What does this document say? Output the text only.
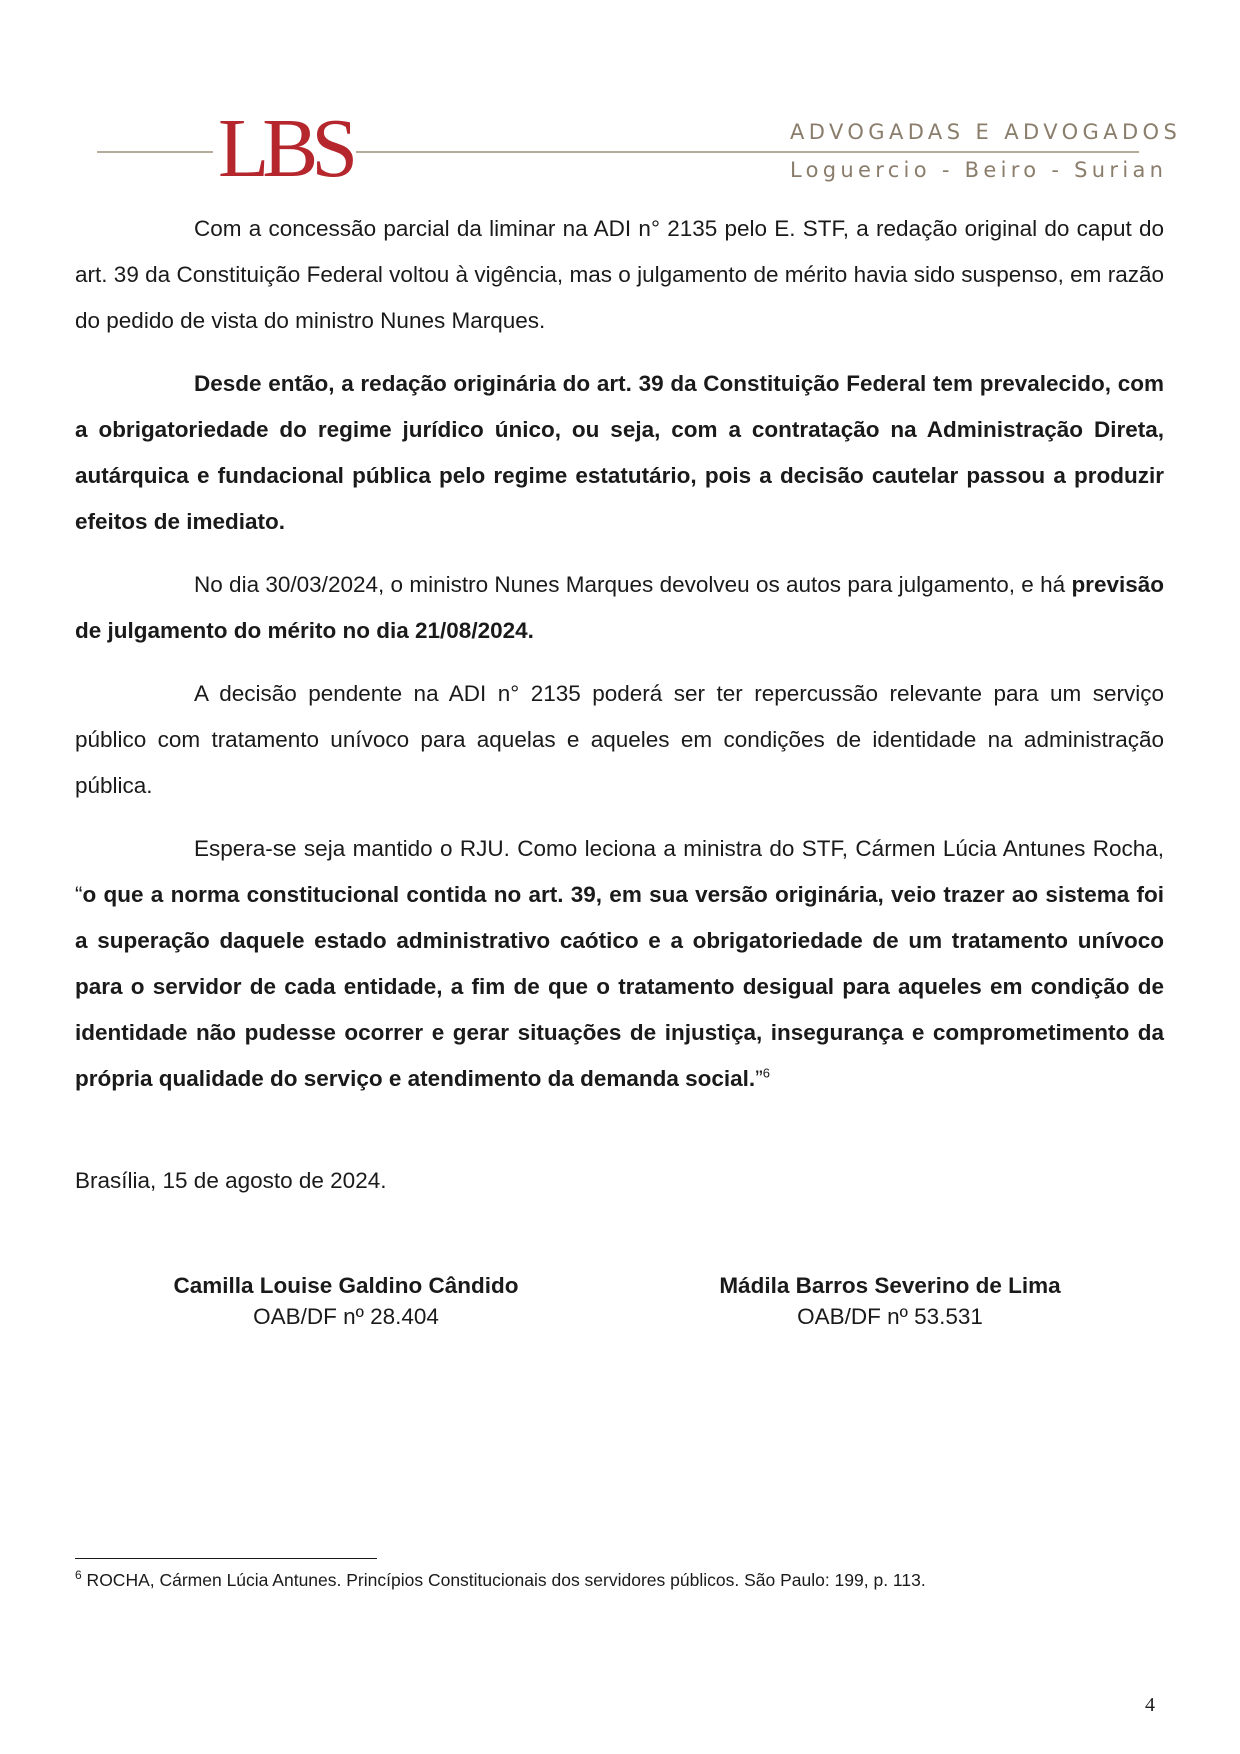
LBS	ADVOGADAS E ADVOGADOS
Loguercio - Beiro - Surian

Com a concessão parcial da liminar na ADI n° 2135 pelo E. STF, a redação original do caput do art. 39 da Constituição Federal voltou à vigência, mas o julgamento de mérito havia sido suspenso, em razão do pedido de vista do ministro Nunes Marques.

Desde então, a redação originária do art. 39 da Constituição Federal tem prevalecido, com a obrigatoriedade do regime jurídico único, ou seja, com a contratação na Administração Direta, autárquica e fundacional pública pelo regime estatutário, pois a decisão cautelar passou a produzir efeitos de imediato.

No dia 30/03/2024, o ministro Nunes Marques devolveu os autos para julgamento, e há previsão de julgamento do mérito no dia 21/08/2024.

A decisão pendente na ADI n° 2135 poderá ser ter repercussão relevante para um serviço público com tratamento unívoco para aquelas e aqueles em condições de identidade na administração pública.

Espera-se seja mantido o RJU. Como leciona a ministra do STF, Cármen Lúcia Antunes Rocha, “o que a norma constitucional contida no art. 39, em sua versão originária, veio trazer ao sistema foi a superação daquele estado administrativo caótico e a obrigatoriedade de um tratamento unívoco para o servidor de cada entidade, a fim de que o tratamento desigual para aqueles em condição de identidade não pudesse ocorrer e gerar situações de injustiça, insegurança e comprometimento da própria qualidade do serviço e atendimento da demanda social.”$^6$

Brasília, 15 de agosto de 2024.
Camilla Louise Galdino Cândido
OAB/DF nº 28.404
Mádila Barros Severino de Lima
OAB/DF nº 53.531
$^6$ ROCHA, Cármen Lúcia Antunes. Princípios Constitucionais dos servidores públicos. São Paulo: 199, p. 113.
4
